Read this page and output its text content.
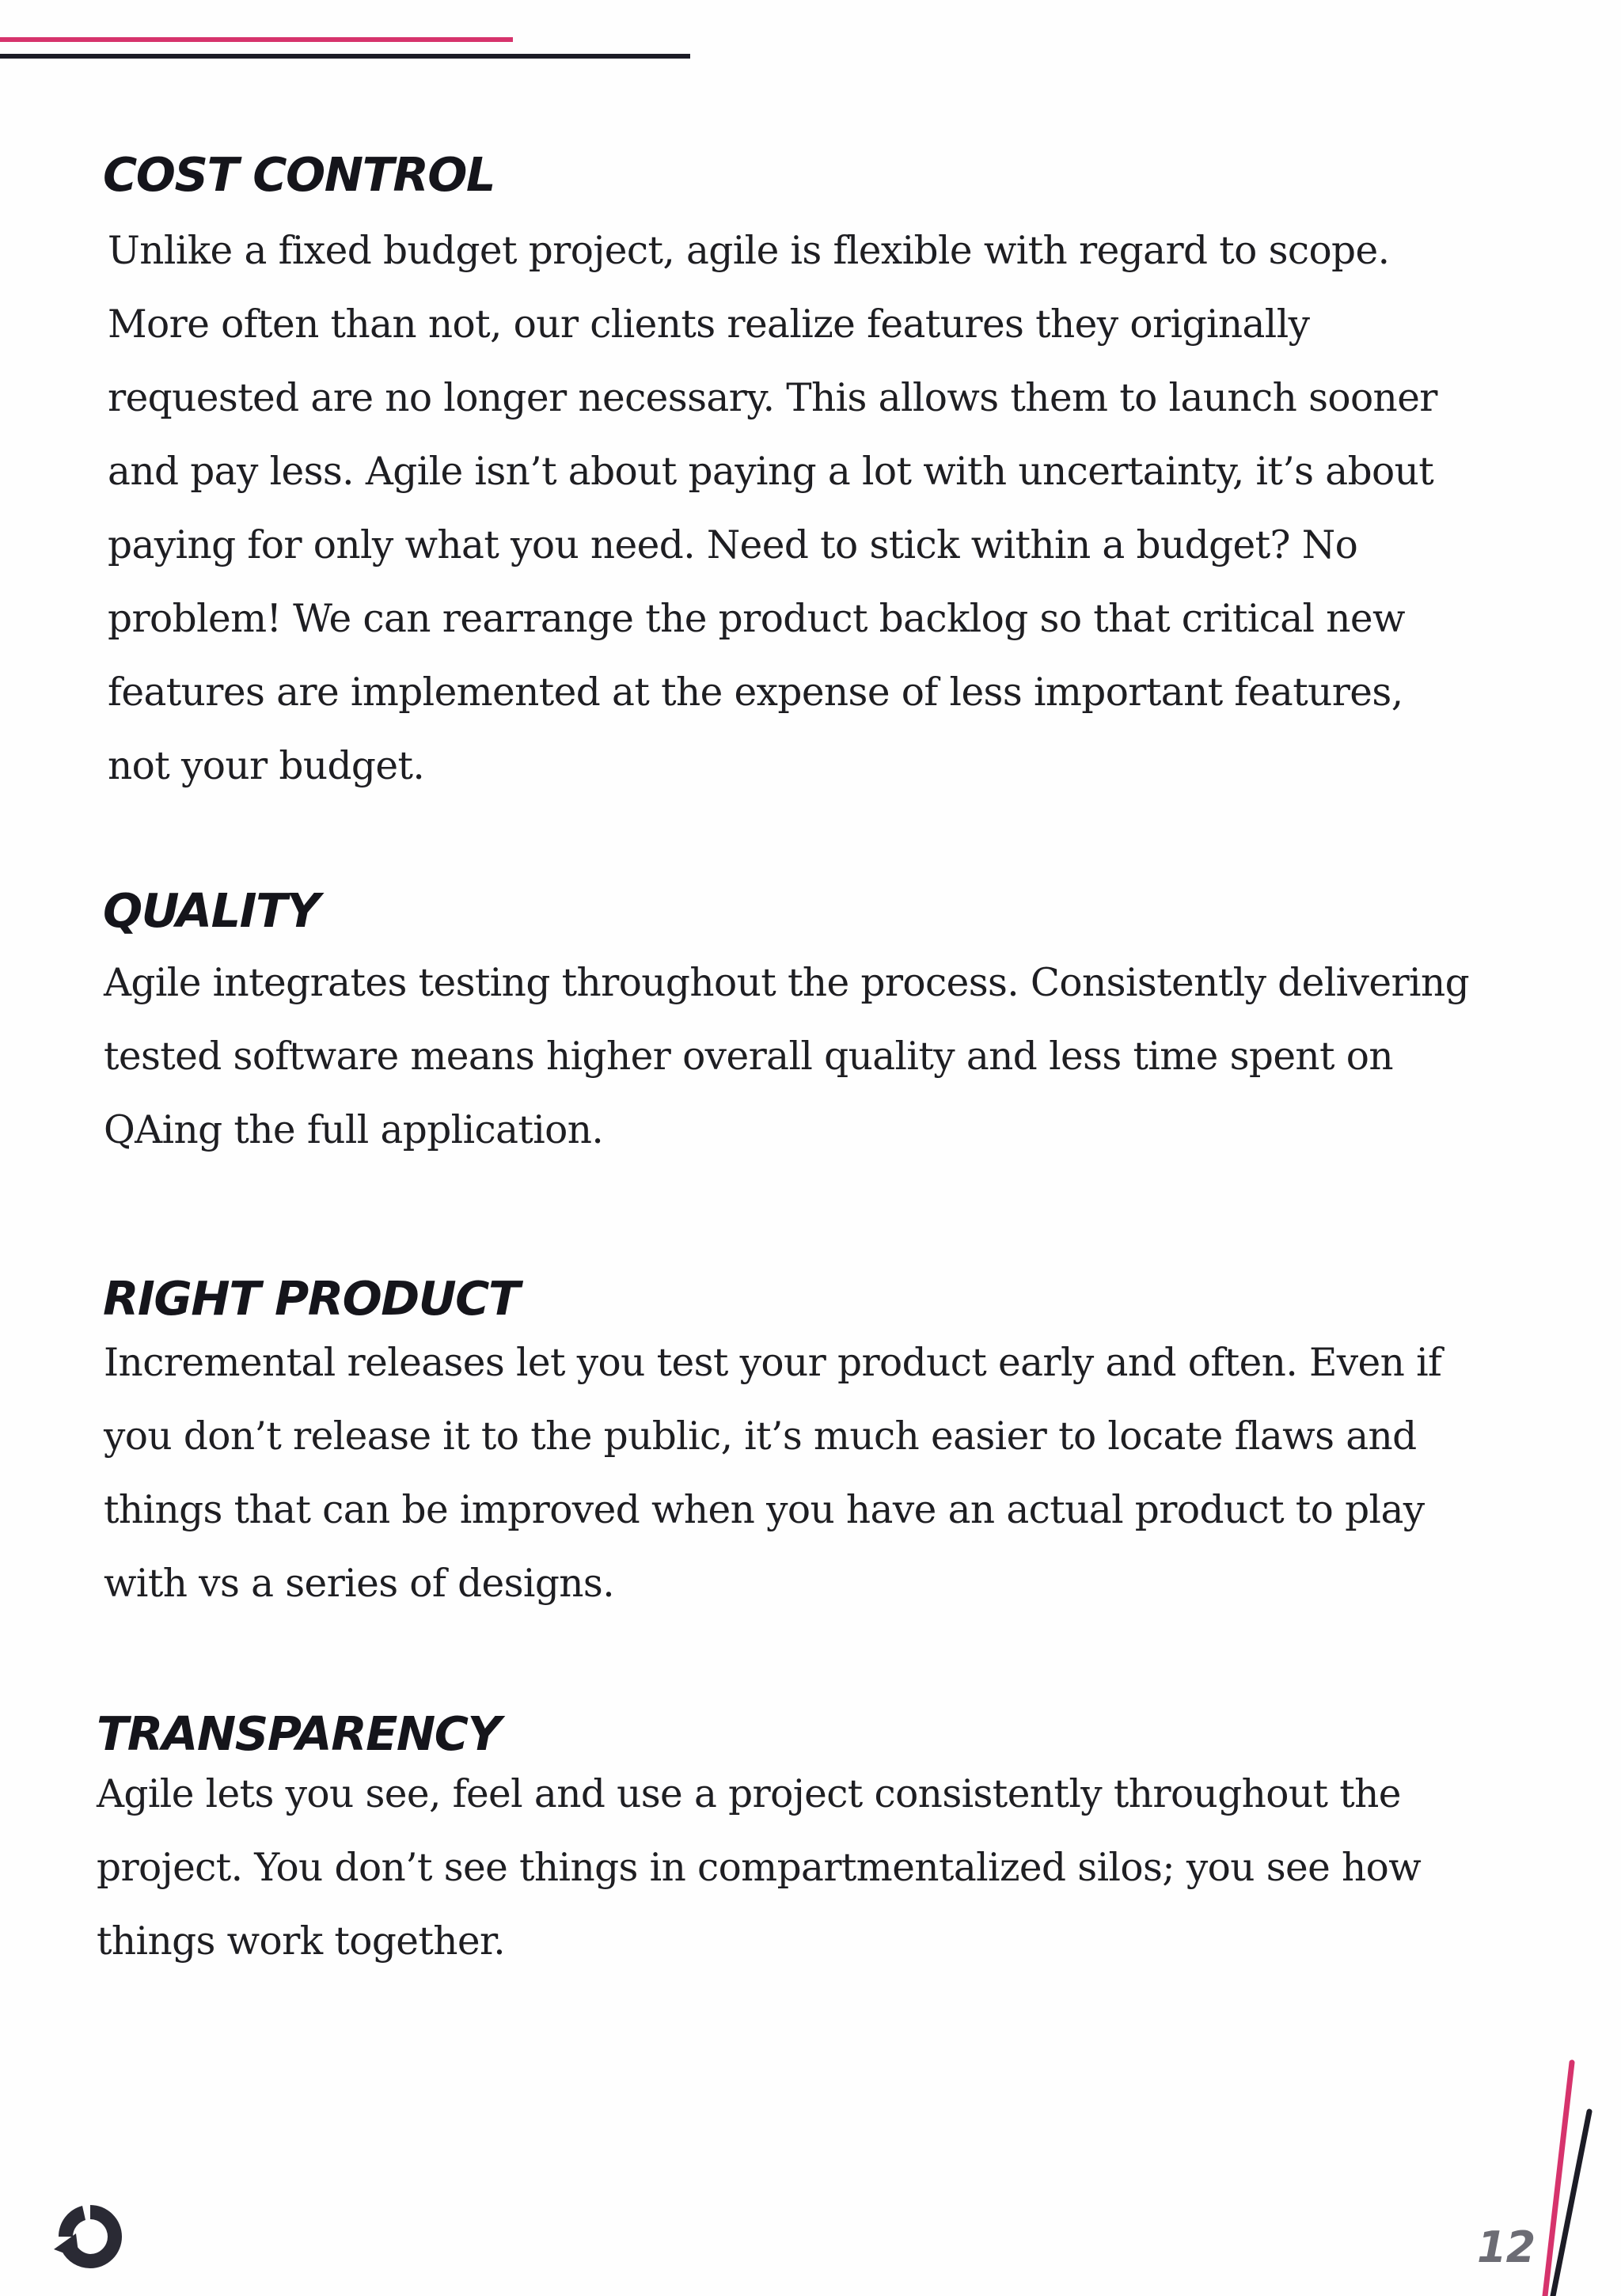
COST CONTROL
Unlike a fixed budget project, agile is flexible with regard to scope.
More often than not, our clients realize features they originally
requested are no longer necessary. This allows them to launch sooner
and pay less. Agile isn’t about paying a lot with uncertainty, it’s about
paying for only what you need. Need to stick within a budget? No
problem! We can rearrange the product backlog so that critical new
features are implemented at the expense of less important features,
not your budget.
QUALITY
Agile integrates testing throughout the process. Consistently delivering
tested software means higher overall quality and less time spent on
QAing the full application.
RIGHT PRODUCT
Incremental releases let you test your product early and often. Even if
you don’t release it to the public, it’s much easier to locate flaws and
things that can be improved when you have an actual product to play
with vs a series of designs.
TRANSPARENCY
Agile lets you see, feel and use a project consistently throughout the
project. You don’t see things in compartmentalized silos; you see how
things work together.
12
